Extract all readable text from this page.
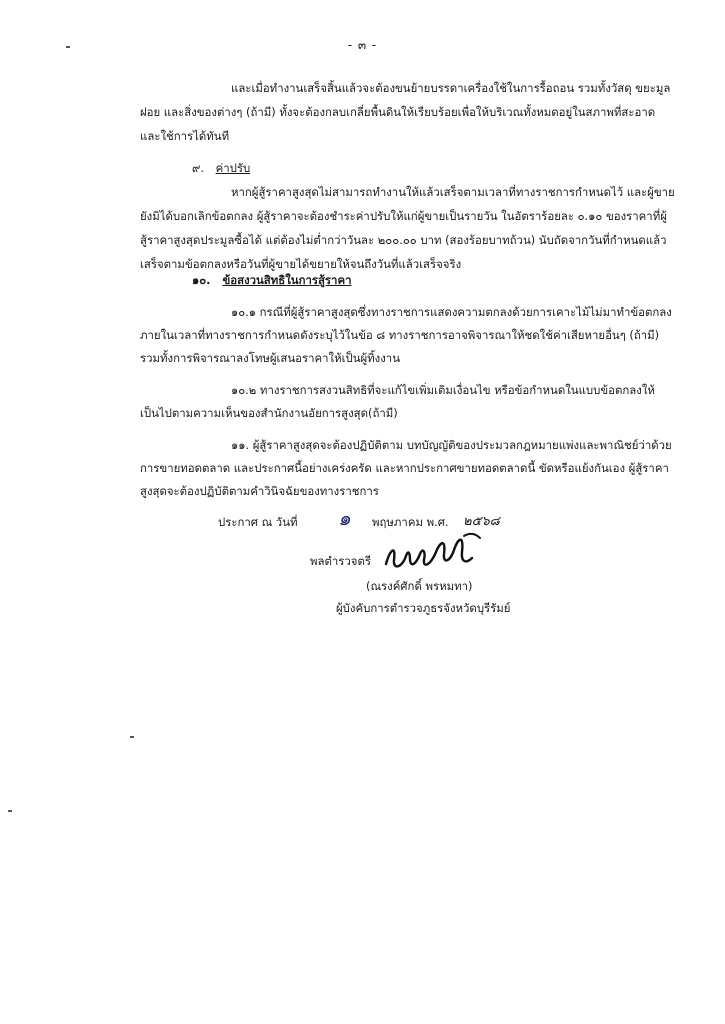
- ๓ -
และเมื่อทำงานเสร็จสิ้นแล้วจะต้องขนย้ายบรรดาเครื่องใช้ในการรื้อถอน รวมทั้งวัสดุ ขยะมูล
ฝอย และสิ่งของต่างๆ (ถ้ามี) ทั้งจะต้องกลบเกลี่ยพื้นดินให้เรียบร้อยเพื่อให้บริเวณทั้งหมดอยู่ในสภาพที่สะอาด
และใช้การได้ทันที
๙. ค่าปรับ
หากผู้สู้ราคาสูงสุดไม่สามารถทำงานให้แล้วเสร็จตามเวลาที่ทางราชการกำหนดไว้ และผู้ขาย
ยังมิได้บอกเลิกข้อตกลง ผู้สู้ราคาจะต้องชำระค่าปรับให้แก่ผู้ขายเป็นรายวัน ในอัตราร้อยละ ๐.๑๐ ของราคาที่ผู้
สู้ราคาสูงสุดประมูลซื้อได้ แต่ต้องไม่ต่ำกว่าวันละ ๒๐๐.๐๐ บาท (สองร้อยบาทถ้วน) นับถัดจากวันที่กำหนดแล้ว
เสร็จตามข้อตกลงหรือวันที่ผู้ขายได้ขยายให้จนถึงวันที่แล้วเสร็จจริง
๑๐. ข้อสงวนสิทธิในการสู้ราคา
๑๐.๑ กรณีที่ผู้สู้ราคาสูงสุดซึ่งทางราชการแสดงความตกลงด้วยการเคาะไม้ไม่มาทำข้อตกลง
ภายในเวลาที่ทางราชการกำหนดดังระบุไว้ในข้อ ๘ ทางราชการอาจพิจารณาให้ชดใช้ค่าเสียหายอื่นๆ (ถ้ามี)
รวมทั้งการพิจารณาลงโทษผู้เสนอราคาให้เป็นผู้ทิ้งงาน
๑๐.๒ ทางราชการสงวนสิทธิที่จะแก้ไขเพิ่มเติมเงื่อนไข หรือข้อกำหนดในแบบข้อตกลงให้
เป็นไปตามความเห็นของสำนักงานอัยการสูงสุด(ถ้ามี)
๑๑. ผู้สู้ราคาสูงสุดจะต้องปฏิบัติตาม บทบัญญัติของประมวลกฎหมายแพ่งและพาณิชย์ว่าด้วย
การขายทอดตลาด และประกาศนี้อย่างเคร่งครัด และหากประกาศขายทอดตลาดนี้ ขัดหรือแย้งกันเอง ผู้สู้ราคา
สูงสุดจะต้องปฏิบัติตามคำวินิจฉัยของทางราชการ
ประกาศ ณ วันที่ ๑ พฤษภาคม พ.ศ. ๒๕๖๘
พลตำรวจตรี
(ณรงค์ศักดิ์ พรหมทา)
ผู้บังคับการตำรวจภูธรจังหวัดบุรีรัมย์
